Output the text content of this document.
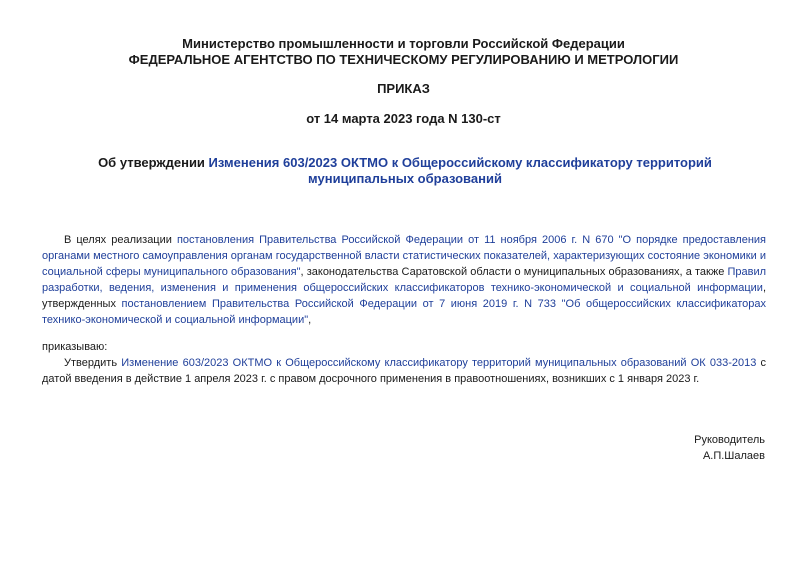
Министерство промышленности и торговли Российской Федерации
ФЕДЕРАЛЬНОЕ АГЕНТСТВО ПО ТЕХНИЧЕСКОМУ РЕГУЛИРОВАНИЮ И МЕТРОЛОГИИ
ПРИКАЗ
от 14 марта 2023 года N 130-ст
Об утверждении Изменения 603/2023 ОКТМО к Общероссийскому классификатору территорий муниципальных образований
В целях реализации постановления Правительства Российской Федерации от 11 ноября 2006 г. N 670 "О порядке предоставления органами местного самоуправления органам государственной власти статистических показателей, характеризующих состояние экономики и социальной сферы муниципального образования", законодательства Саратовской области о муниципальных образованиях, а также Правил разработки, ведения, изменения и применения общероссийских классификаторов технико-экономической и социальной информации, утвержденных постановлением Правительства Российской Федерации от 7 июня 2019 г. N 733 "Об общероссийских классификаторах технико-экономической и социальной информации",
приказываю:
Утвердить Изменение 603/2023 ОКТМО к Общероссийскому классификатору территорий муниципальных образований ОК 033-2013 с датой введения в действие 1 апреля 2023 г. с правом досрочного применения в правоотношениях, возникших с 1 января 2023 г.
Руководитель
А.П.Шалаев
